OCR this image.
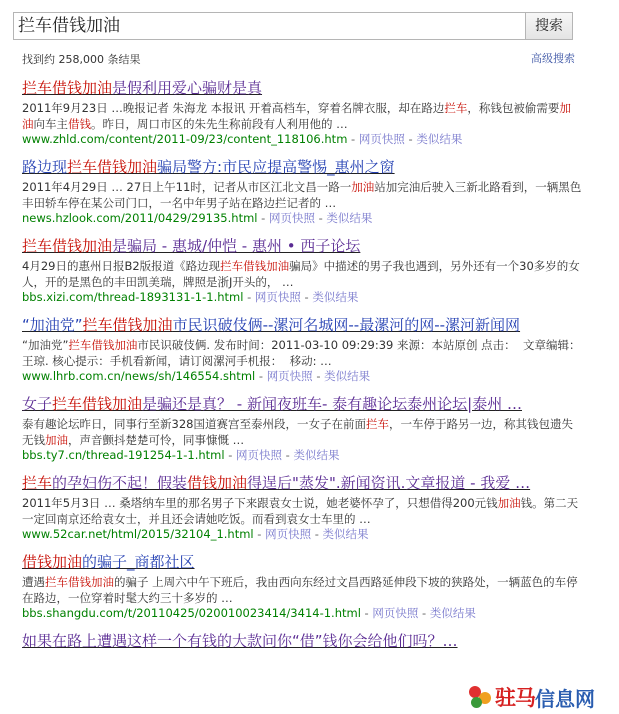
拦车借钱加油	搜索
找到约 258,000 条结果	高级搜索
拦车借钱加油是假利用爱心骗财是真
2011年9月23日 …晚报记者 朱海龙 本报讯 开着高档车，穿着名牌衣服，却在路边拦车，称钱包被偷需要加油向车主借钱。昨日，周口市区的朱先生称前段有人利用他的 …
www.zhld.com/content/2011-09/23/content_118106.htm - 网页快照 - 类似结果
路边现拦车借钱加油骗局警方:市民应提高警惕_惠州之窗
2011年4月29日 … 27日上午11时，记者从市区江北文昌一路一加油站加完油后驶入三新北路看到，一辆黑色丰田轿车停在某公司门口，一名中年男子站在路边拦记者的 …
news.hzlook.com/2011/0429/29135.html - 网页快照 - 类似结果
拦车借钱加油是骗局 - 惠城/仲恺 - 惠州 • 西子论坛
4月29日的惠州日报B2版报道《路边现拦车借钱加油骗局》中描述的男子我也遇到，另外还有一个30多岁的女人，开的是黑色的丰田凯美瑞，牌照是浙J开头的， …
bbs.xizi.com/thread-1893131-1-1.html - 网页快照 - 类似结果
“加油党”拦车借钱加油市民识破伎俩--漯河名城网--最漯河的网--漯河新闻网
“加油党”拦车借钱加油市民识破伎俩. 发布时间：2011-03-10 09:29:39 来源：本站原创 点击：  文章编辑：王琼. 核心提示：手机看新闻，请订阅漯河手机报：  移动: …
www.lhrb.com.cn/news/sh/146554.shtml - 网页快照 - 类似结果
女子拦车借钱加油是骗还是真？ - 新闻夜班车- 泰有趣论坛泰州论坛|泰州 …
泰有趣论坛昨日，同事行至新328国道赛宫至泰州段，一女子在前面拦车，一车停于路另一边，称其钱包遗失无钱加油，声音颤抖楚楚可怜，同事慷慨 …
bbs.ty7.cn/thread-191254-1-1.html - 网页快照 - 类似结果
拦车的孕妇伤不起！假装借钱加油得逞后"蒸发".新闻资讯.文章报道 - 我爱 …
2011年5月3日 … 桑塔纳车里的那名男子下来跟袁女士说，她老婆怀孕了，只想借得200元钱加油钱。第二天一定回南京还给袁女士，并且还会请她吃饭。而看到袁女士车里的 …
www.52car.net/html/2015/32104_1.html - 网页快照 - 类似结果
借钱加油的骗子_商都社区
遭遇拦车借钱加油的骗子 上周六中午下班后，我由西向东经过文昌西路延伸段下坡的狭路处，一辆蓝色的车停在路边，一位穿着时髦大约三十多岁的 …
bbs.shangdu.com/t/20110425/020010023414/3414-1.html - 网页快照 - 类似结果
如果在路上遭遇这样一个有钱的大款问你“借”钱你会给他们吗？…
驻马 信息网
